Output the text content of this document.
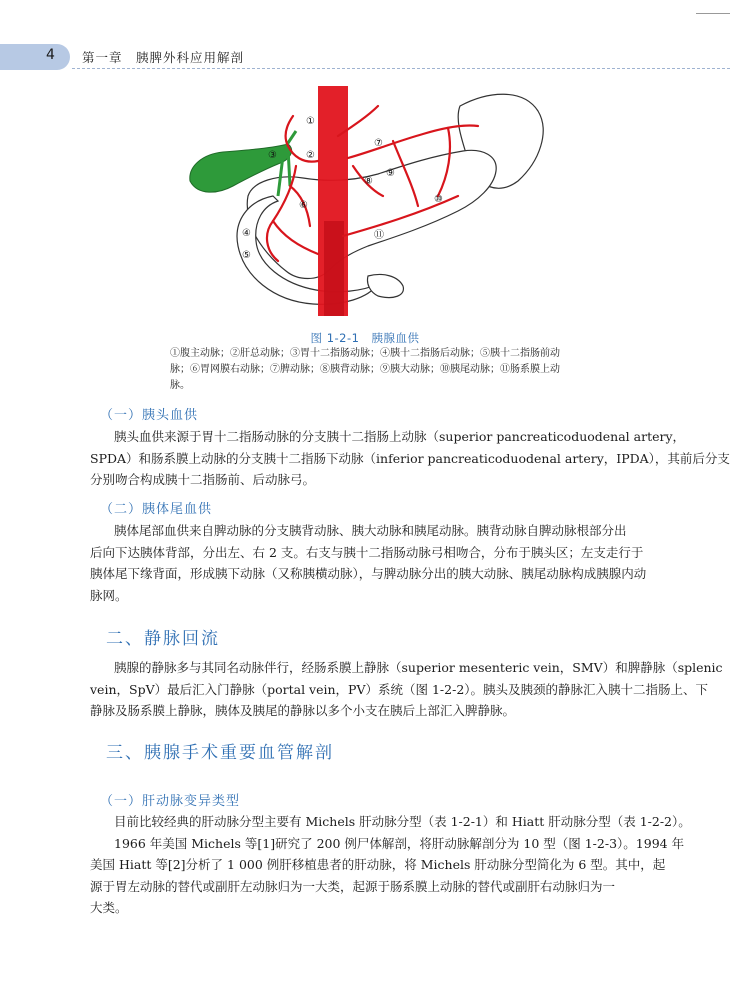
4 第一章　胰脾外科应用解剖
①
②
③
④
⑤
⑥
⑦
⑧
⑨
⑩
⑪
图 1-2-1　胰腺血供
①腹主动脉；②肝总动脉；③胃十二指肠动脉；④胰十二指肠后动脉；⑤胰十二指肠前动
脉；⑥胃网膜右动脉；⑦脾动脉；⑧胰背动脉；⑨胰大动脉；⑩胰尾动脉；⑪肠系膜上动脉。
（一）胰头血供
胰头血供来源于胃十二指肠动脉的分支胰十二指肠上动脉（superior pancreaticoduodenal artery，
SPDA）和肠系膜上动脉的分支胰十二指肠下动脉（inferior pancreaticoduodenal artery，IPDA），其前后分支
分别吻合构成胰十二指肠前、后动脉弓。
（二）胰体尾血供
胰体尾部血供来自脾动脉的分支胰背动脉、胰大动脉和胰尾动脉。胰背动脉自脾动脉根部分出
后向下达胰体背部，分出左、右 2 支。右支与胰十二指肠动脉弓相吻合，分布于胰头区；左支走行于
胰体尾下缘背面，形成胰下动脉（又称胰横动脉），与脾动脉分出的胰大动脉、胰尾动脉构成胰腺内动
脉网。
二、静脉回流
胰腺的静脉多与其同名动脉伴行，经肠系膜上静脉（superior mesenteric vein，SMV）和脾静脉（splenic
vein，SpV）最后汇入门静脉（portal vein，PV）系统（图 1-2-2）。胰头及胰颈的静脉汇入胰十二指肠上、下
静脉及肠系膜上静脉，胰体及胰尾的静脉以多个小支在胰后上部汇入脾静脉。
三、胰腺手术重要血管解剖
（一）肝动脉变异类型
目前比较经典的肝动脉分型主要有 Michels 肝动脉分型（表 1-2-1）和 Hiatt 肝动脉分型（表 1-2-2）。
1966 年美国 Michels 等[1]研究了 200 例尸体解剖，将肝动脉解剖分为 10 型（图 1-2-3）。1994 年
美国 Hiatt 等[2]分析了 1 000 例肝移植患者的肝动脉，将 Michels 肝动脉分型简化为 6 型。其中，起
源于胃左动脉的替代或副肝左动脉归为一大类，起源于肠系膜上动脉的替代或副肝右动脉归为一
大类。
